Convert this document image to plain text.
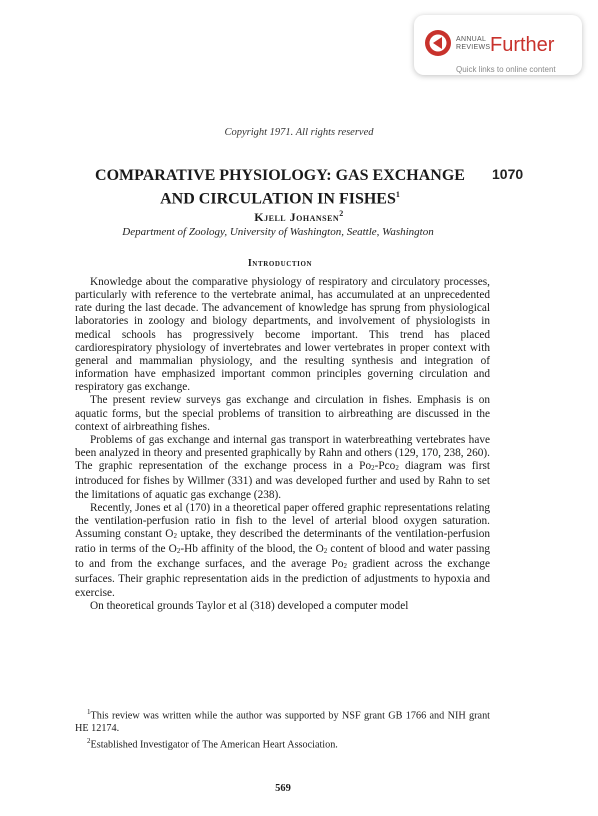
ANNUAL
REVIEWS Further
Quick links to online content
Copyright 1971. All rights reserved
COMPARATIVE PHYSIOLOGY: GAS EXCHANGE
AND CIRCULATION IN FISHES$^1$
1070
Kjell Johansen$^2$
Department of Zoology, University of Washington, Seattle, Washington
Introduction

Knowledge about the comparative physiology of respiratory and circulatory processes, particularly with reference to the vertebrate animal, has accumulated at an unprecedented rate during the last decade. The advancement of knowledge has sprung from physiological laboratories in zoology and biology departments, and involvement of physiologists in medical schools has progressively become important. This trend has placed cardiorespiratory physiology of invertebrates and lower vertebrates in proper context with general and mammalian physiology, and the resulting synthesis and integration of information have emphasized important common principles governing circulation and respiratory gas exchange.

The present review surveys gas exchange and circulation in fishes. Emphasis is on aquatic forms, but the special problems of transition to airbreathing are discussed in the context of airbreathing fishes.

Problems of gas exchange and internal gas transport in waterbreathing vertebrates have been analyzed in theory and presented graphically by Rahn and others (129, 170, 238, 260). The graphic representation of the exchange process in a $Po_2-Pco_2$ diagram was first introduced for fishes by Willmer (331) and was developed further and used by Rahn to set the limitations of aquatic gas exchange (238).

Recently, Jones et al (170) in a theoretical paper offered graphic representations relating the ventilation-perfusion ratio in fish to the level of arterial blood oxygen saturation. Assuming constant $O_2$ uptake, they described the determinants of the ventilation-perfusion ratio in terms of the $O_2-Hb$ affinity of the blood, the $O_2$ content of blood and water passing to and from the exchange surfaces, and the average $Po_2$ gradient across the exchange surfaces. Their graphic representation aids in the prediction of adjustments to hypoxia and exercise.

On theoretical grounds Taylor et al (318) developed a computer model

$^1$This review was written while the author was supported by NSF grant GB 1766 and NIH grant HE 12174.

$^2$Established Investigator of The American Heart Association.

569
